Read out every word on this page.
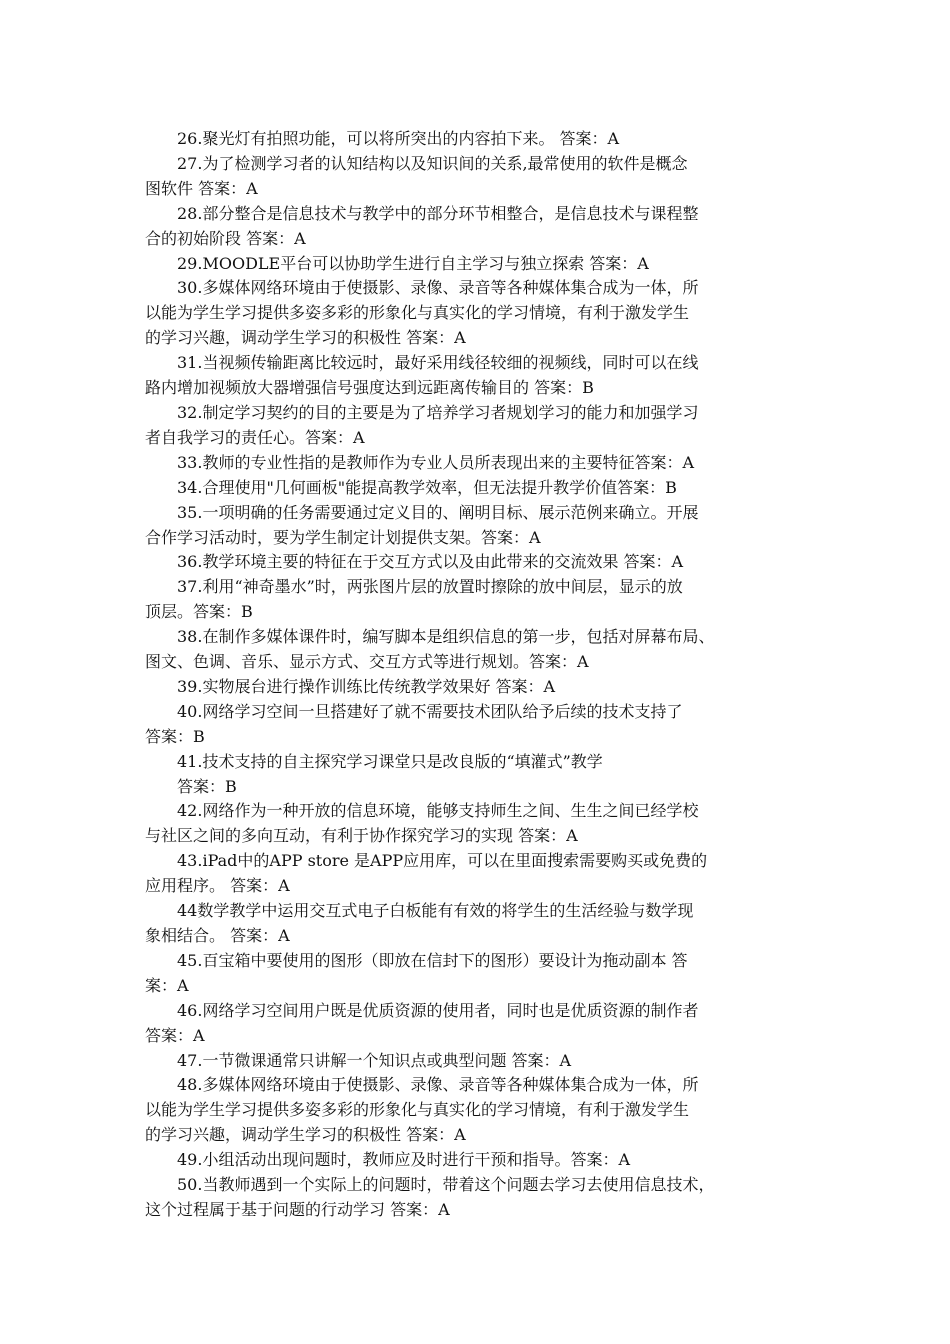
26.聚光灯有拍照功能，可以将所突出的内容拍下来。 答案：A

27.为了检测学习者的认知结构以及知识间的关系,最常使用的软件是概念
图软件 答案：A

28.部分整合是信息技术与教学中的部分环节相整合，是信息技术与课程整
合的初始阶段 答案：A

29.MOODLE平台可以协助学生进行自主学习与独立探索 答案：A

30.多媒体网络环境由于使摄影、录像、录音等各种媒体集合成为一体，所
以能为学生学习提供多姿多彩的形象化与真实化的学习情境，有利于激发学生
的学习兴趣，调动学生学习的积极性 答案：A

31.当视频传输距离比较远时，最好采用线径较细的视频线，同时可以在线
路内增加视频放大器增强信号强度达到远距离传输目的 答案：B

32.制定学习契约的目的主要是为了培养学习者规划学习的能力和加强学习
者自我学习的责任心。答案：A

33.教师的专业性指的是教师作为专业人员所表现出来的主要特征答案：A

34.合理使用"几何画板"能提高教学效率，但无法提升教学价值答案：B

35.一项明确的任务需要通过定义目的、阐明目标、展示范例来确立。开展
合作学习活动时，要为学生制定计划提供支架。答案：A

36.教学环境主要的特征在于交互方式以及由此带来的交流效果 答案：A

37.利用“神奇墨水”时，两张图片层的放置时擦除的放中间层，显示的放
顶层。答案：B

38.在制作多媒体课件时，编写脚本是组织信息的第一步，包括对屏幕布局、
图文、色调、音乐、显示方式、交互方式等进行规划。答案：A

39.实物展台进行操作训练比传统教学效果好 答案：A

40.网络学习空间一旦搭建好了就不需要技术团队给予后续的技术支持了
答案：B

41.技术支持的自主探究学习课堂只是改良版的“填灌式”教学
答案：B

42.网络作为一种开放的信息环境，能够支持师生之间、生生之间已经学校
与社区之间的多向互动，有利于协作探究学习的实现 答案：A

43.iPad中的APP store 是APP应用库，可以在里面搜索需要购买或免费的
应用程序。 答案：A

44数学教学中运用交互式电子白板能有有效的将学生的生活经验与数学现
象相结合。 答案：A

45.百宝箱中要使用的图形（即放在信封下的图形）要设计为拖动副本 答
案：A

46.网络学习空间用户既是优质资源的使用者，同时也是优质资源的制作者
答案：A

47.一节微课通常只讲解一个知识点或典型问题 答案：A

48.多媒体网络环境由于使摄影、录像、录音等各种媒体集合成为一体，所
以能为学生学习提供多姿多彩的形象化与真实化的学习情境，有利于激发学生
的学习兴趣，调动学生学习的积极性 答案：A

49.小组活动出现问题时，教师应及时进行干预和指导。答案：A

50.当教师遇到一个实际上的问题时，带着这个问题去学习去使用信息技术，
这个过程属于基于问题的行动学习 答案：A
